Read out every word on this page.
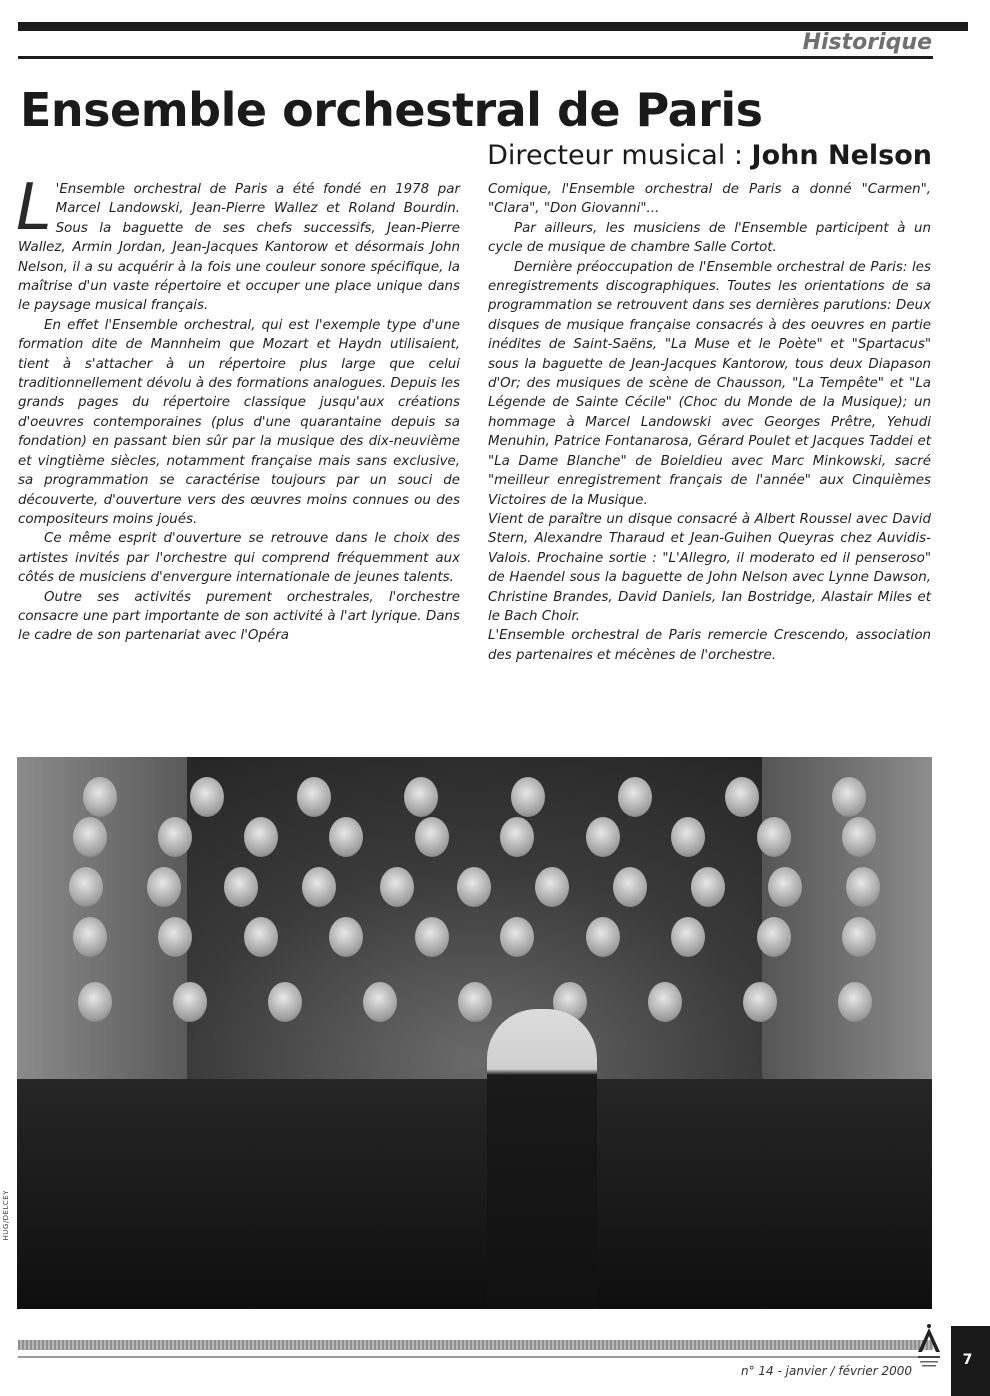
Historique
Ensemble orchestral de Paris
Directeur musical : John Nelson

L 'Ensemble orchestral de Paris a été fondé en 1978 par Marcel Landowski, Jean-Pierre Wallez et Roland Bourdin. Sous la baguette de ses chefs successifs, Jean-Pierre Wallez, Armin Jordan, Jean-Jacques Kantorow et désormais John Nelson, il a su acquérir à la fois une couleur sonore spécifique, la maîtrise d'un vaste répertoire et occuper une place unique dans le paysage musical français.

En effet l'Ensemble orchestral, qui est l'exemple type d'une formation dite de Mannheim que Mozart et Haydn utilisaient, tient à s'attacher à un répertoire plus large que celui traditionnellement dévolu à des formations analogues. Depuis les grands pages du répertoire classique jusqu'aux créations d'oeuvres contemporaines (plus d'une quarantaine depuis sa fondation) en passant bien sûr par la musique des dix-neuvième et vingtième siècles, notamment française mais sans exclusive, sa programmation se caractérise toujours par un souci de découverte, d'ouverture vers des œuvres moins connues ou des compositeurs moins joués.

Ce même esprit d'ouverture se retrouve dans le choix des artistes invités par l'orchestre qui comprend fréquemment aux côtés de musiciens d'envergure internationale de jeunes talents.

Outre ses activités purement orchestrales, l'orchestre consacre une part importante de son activité à l'art lyrique. Dans le cadre de son partenariat avec l'Opéra

Comique, l'Ensemble orchestral de Paris a donné "Carmen", "Clara", "Don Giovanni"...

Par ailleurs, les musiciens de l'Ensemble participent à un cycle de musique de chambre Salle Cortot.

Dernière préoccupation de l'Ensemble orchestral de Paris: les enregistrements discographiques. Toutes les orientations de sa programmation se retrouvent dans ses dernières parutions: Deux disques de musique française consacrés à des oeuvres en partie inédites de Saint-Saëns, "La Muse et le Poète" et "Spartacus" sous la baguette de Jean-Jacques Kantorow, tous deux Diapason d'Or; des musiques de scène de Chausson, "La Tempête" et "La Légende de Sainte Cécile" (Choc du Monde de la Musique); un hommage à Marcel Landowski avec Georges Prêtre, Yehudi Menuhin, Patrice Fontanarosa, Gérard Poulet et Jacques Taddei et "La Dame Blanche" de Boieldieu avec Marc Minkowski, sacré "meilleur enregistrement français de l'année" aux Cinquièmes Victoires de la Musique.

Vient de paraître un disque consacré à Albert Roussel avec David Stern, Alexandre Tharaud et Jean-Guihen Queyras chez Auvidis-Valois. Prochaine sortie : "L'Allegro, il moderato ed il penseroso" de Haendel sous la baguette de John Nelson avec Lynne Dawson, Christine Brandes, David Daniels, Ian Bostridge, Alastair Miles et le Bach Choir.

L'Ensemble orchestral de Paris remercie Crescendo, association des partenaires et mécènes de l'orchestre.

HUG/DELCEY
n° 14 - janvier / février 2000
7
